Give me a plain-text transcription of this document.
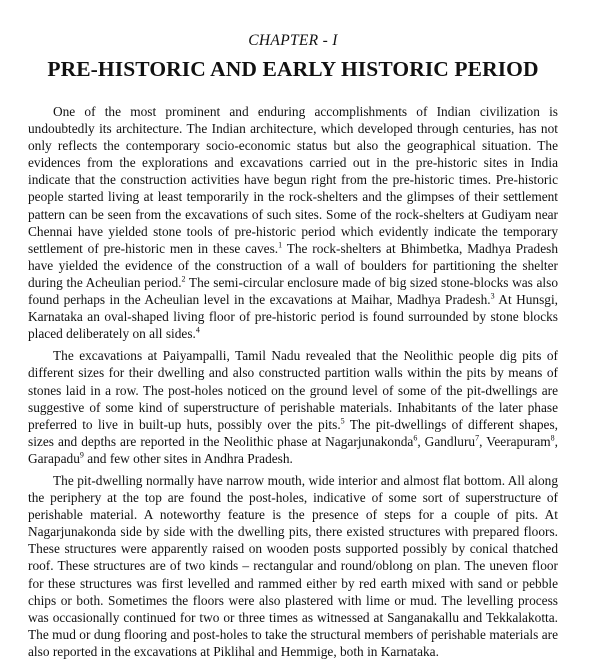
CHAPTER - I

PRE-HISTORIC AND EARLY HISTORIC PERIOD

One of the most prominent and enduring accomplishments of Indian civilization is undoubtedly its architecture. The Indian architecture, which developed through centuries, has not only reflects the contemporary socio-economic status but also the geographical situation. The evidences from the explorations and excavations carried out in the pre-historic sites in India indicate that the construction activities have begun right from the pre-historic times. Pre-historic people started living at least temporarily in the rock-shelters and the glimpses of their settlement pattern can be seen from the excavations of such sites. Some of the rock-shelters at Gudiyam near Chennai have yielded stone tools of pre-historic period which evidently indicate the temporary settlement of pre-historic men in these caves.$^1$ The rock-shelters at Bhimbetka, Madhya Pradesh have yielded the evidence of the construction of a wall of boulders for partitioning the shelter during the Acheulian period.$^2$ The semi-circular enclosure made of big sized stone-blocks was also found perhaps in the Acheulian level in the excavations at Maihar, Madhya Pradesh.$^3$ At Hunsgi, Karnataka an oval-shaped living floor of pre-historic period is found surrounded by stone blocks placed deliberately on all sides.$^4$

The excavations at Paiyampalli, Tamil Nadu revealed that the Neolithic people dig pits of different sizes for their dwelling and also constructed partition walls within the pits by means of stones laid in a row. The post-holes noticed on the ground level of some of the pit-dwellings are suggestive of some kind of superstructure of perishable materials. Inhabitants of the later phase preferred to live in built-up huts, possibly over the pits.$^5$ The pit-dwellings of different shapes, sizes and depths are reported in the Neolithic phase at Nagarjunakonda$^6$, Gandluru$^7$, Veerapuram$^8$, Garapadu$^9$ and few other sites in Andhra Pradesh.

The pit-dwelling normally have narrow mouth, wide interior and almost flat bottom. All along the periphery at the top are found the post-holes, indicative of some sort of superstructure of perishable material. A noteworthy feature is the presence of steps for a couple of pits. At Nagarjunakonda side by side with the dwelling pits, there existed structures with prepared floors. These structures were apparently raised on wooden posts supported possibly by conical thatched roof. These structures are of two kinds – rectangular and round/oblong on plan. The uneven floor for these structures was first levelled and rammed either by red earth mixed with sand or pebble chips or both. Sometimes the floors were also plastered with lime or mud. The levelling process was occasionally continued for two or three times as witnessed at Sanganakallu and Tekkalakotta. The mud or dung flooring and post-holes to take the structural members of perishable materials are also reported in the excavations at Piklihal and Hemmige, both in Karnataka.
